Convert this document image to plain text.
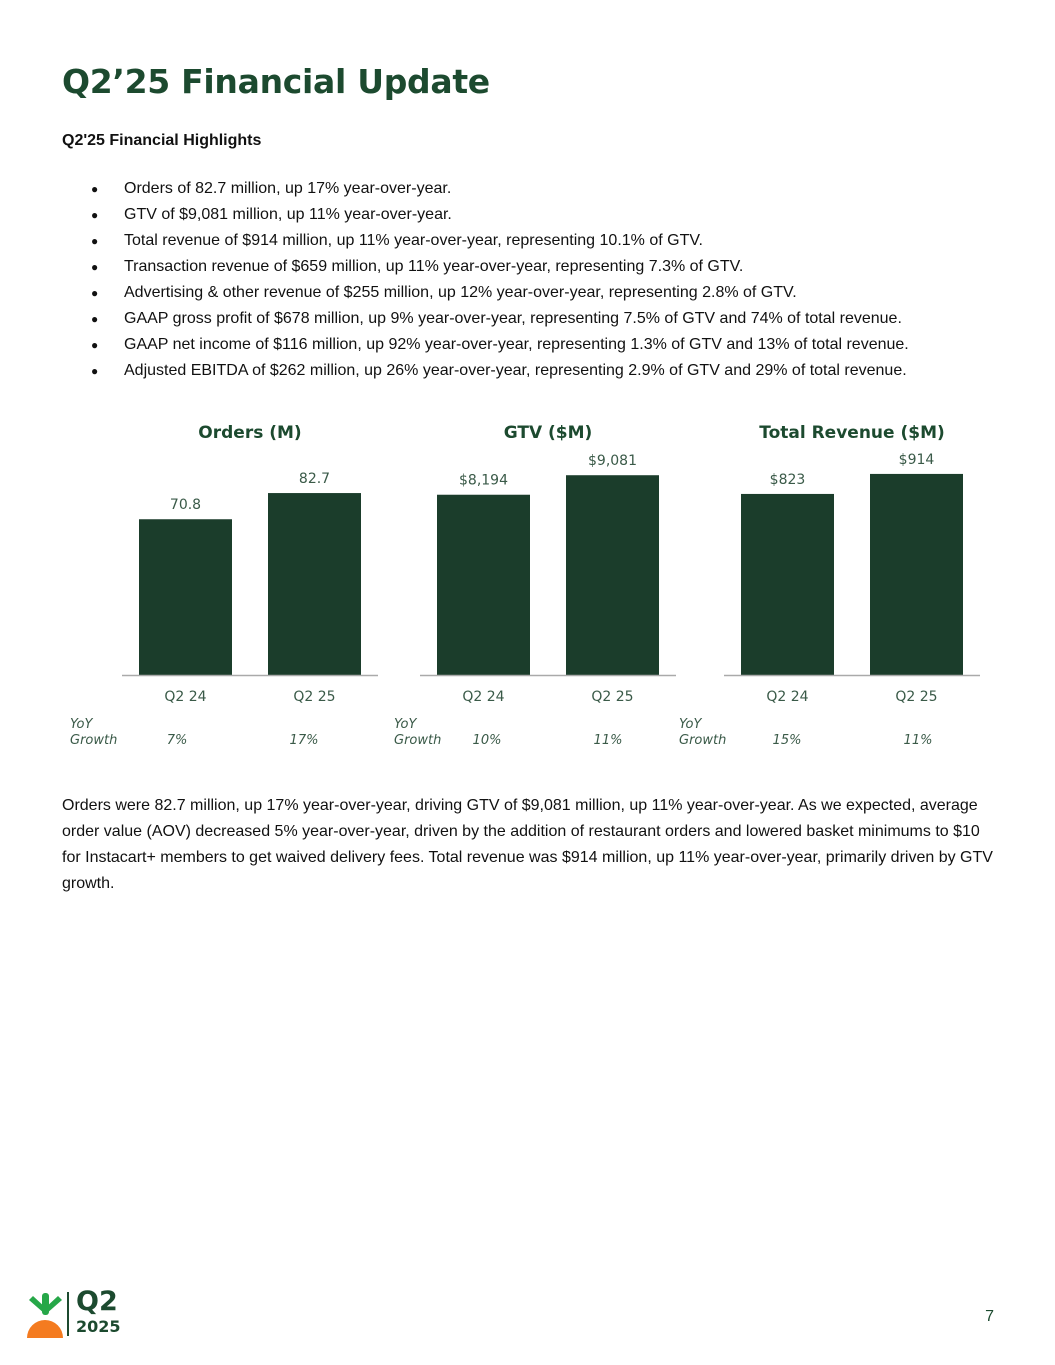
Q2’25 Financial Update
Q2'25 Financial Highlights
● Orders of 82.7 million, up 17% year-over-year.
● GTV of $9,081 million, up 11% year-over-year.
● Total revenue of $914 million, up 11% year-over-year, representing 10.1% of GTV.
● Transaction revenue of $659 million, up 11% year-over-year, representing 7.3% of GTV.
● Advertising & other revenue of $255 million, up 12% year-over-year, representing 2.8% of GTV.
● GAAP gross profit of $678 million, up 9% year-over-year, representing 7.5% of GTV and 74% of total revenue.
● GAAP net income of $116 million, up 92% year-over-year, representing 1.3% of GTV and 13% of total revenue.
● Adjusted EBITDA of $262 million, up 26% year-over-year, representing 2.9% of GTV and 29% of total revenue.
Orders (M)
70.8
Q2 24
7%
82.7
Q2 25
17%
YoY
Growth
GTV ($M)
$8,194
Q2 24
10%
$9,081
Q2 25
11%
YoY
Growth
Total Revenue ($M)
$823
Q2 24
15%
$914
Q2 25
11%
YoY
Growth

Orders were 82.7 million, up 17% year-over-year, driving GTV of $9,081 million, up 11% year-over-year. As we expected, average order value (AOV) decreased 5% year-over-year, driven by the addition of restaurant orders and lowered basket minimums to $10 for Instacart+ members to get waived delivery fees. Total revenue was $914 million, up 11% year-over-year, primarily driven by GTV growth.

Q2
2025
7
